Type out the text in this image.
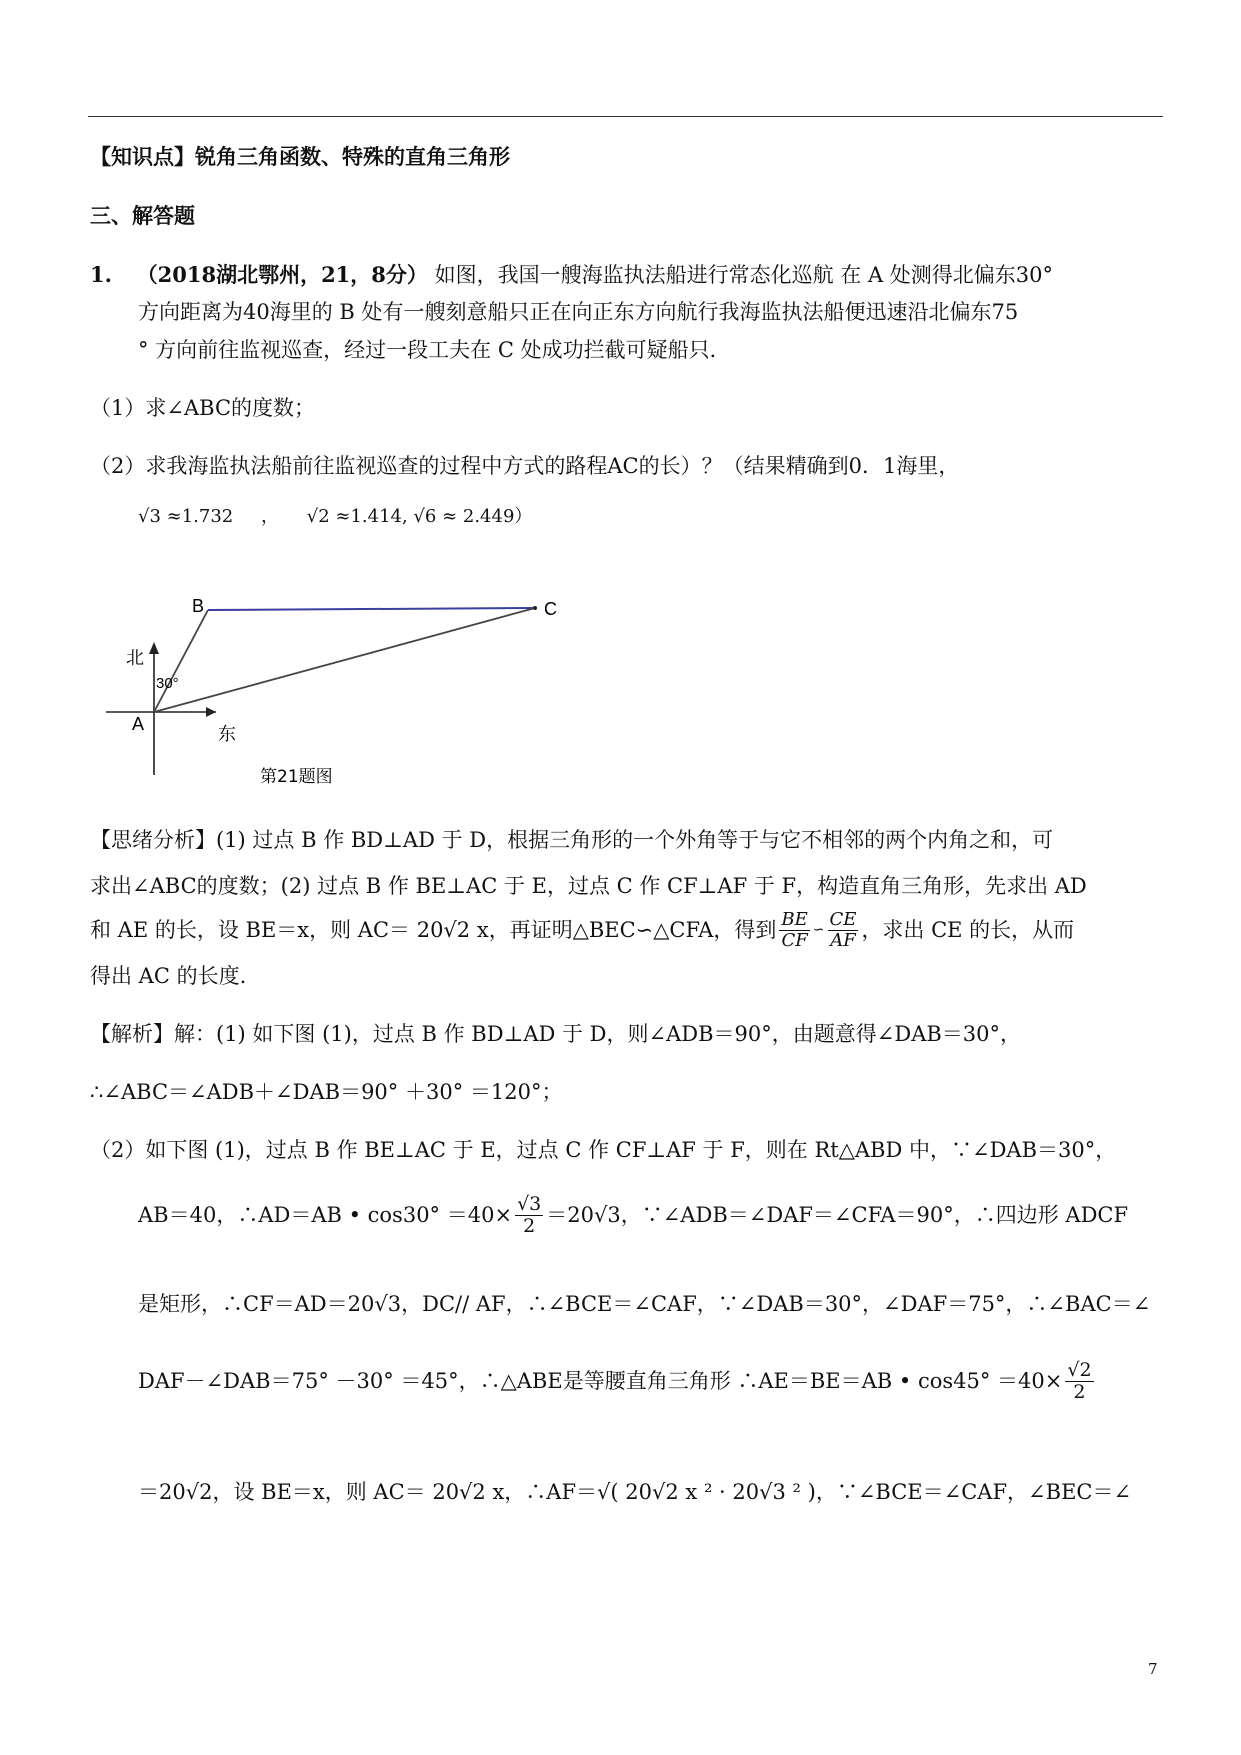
【知识点】锐角三角函数、特殊的直角三角形
三、解答题
1. （2018湖北鄂州，21，8分） 如图，我国一艘海监执法船进行常态化巡航 在 A 处测得北偏东30°
方向距离为40海里的 B 处有一艘刻意船只正在向正东方向航行我海监执法船便迅速沿北偏东75
° 方向前往监视巡查，经过一段工夫在 C 处成功拦截可疑船只．
（1）求∠ABC的度数；
（2）求我海监执法船前往监视巡查的过程中方式的路程AC的长）？（结果精确到0．1海里，
√3 ≈1.732 ， √2 ≈1.414, √6 ≈ 2.449）
B	C
A
北
东
30°
第21题图
【思绪分析】(1) 过点 B 作 BD⊥AD 于 D，根据三角形的一个外角等于与它不相邻的两个内角之和，可
求出∠ABC的度数；(2) 过点 B 作 BE⊥AC 于 E，过点 C 作 CF⊥AF 于 F，构造直角三角形，先求出 AD
和 AE 的长，设 BE＝x，则 AC＝ 20√2 x，再证明△BEC∽△CFA，得到 $\frac{BE}{CF}$ ∽ $\frac{CE}{AF}$ ，求出 CE 的长，从而
得出 AC 的长度.
【解析】解：(1) 如下图 (1)，过点 B 作 BD⊥AD 于 D，则∠ADB＝90°，由题意得∠DAB＝30°，
∴∠ABC＝∠ADB＋∠DAB＝90° ＋30° ＝120°；
（2）如下图 (1)，过点 B 作 BE⊥AC 于 E，过点 C 作 CF⊥AF 于 F，则在 Rt△ABD 中，∵∠DAB＝30°，
AB＝40，∴AD＝AB • $\cos 30^\circ =40\times \frac{√3}{2} =20√3$，∵∠ADB＝∠DAF＝∠CFA＝90°，∴四边形 ADCF
是矩形，∴CF＝AD＝20√3，DC// AF，∴∠BCE＝∠CAF，∵∠DAB＝30°，∠DAF＝75°，∴∠BAC＝∠
DAF－∠DAB＝75° －30° ＝45°，∴△ABE是等腰直角三角形 ∴AE＝BE＝AB • $\cos 45^\circ =40\times \frac{√2}{2}$
＝20√2，设 BE＝x，则 AC＝ 20√2 x，∴AF＝√( 20√2 x ² · 20√3 ² )，∵∠BCE＝∠CAF，∠BEC＝∠
7
